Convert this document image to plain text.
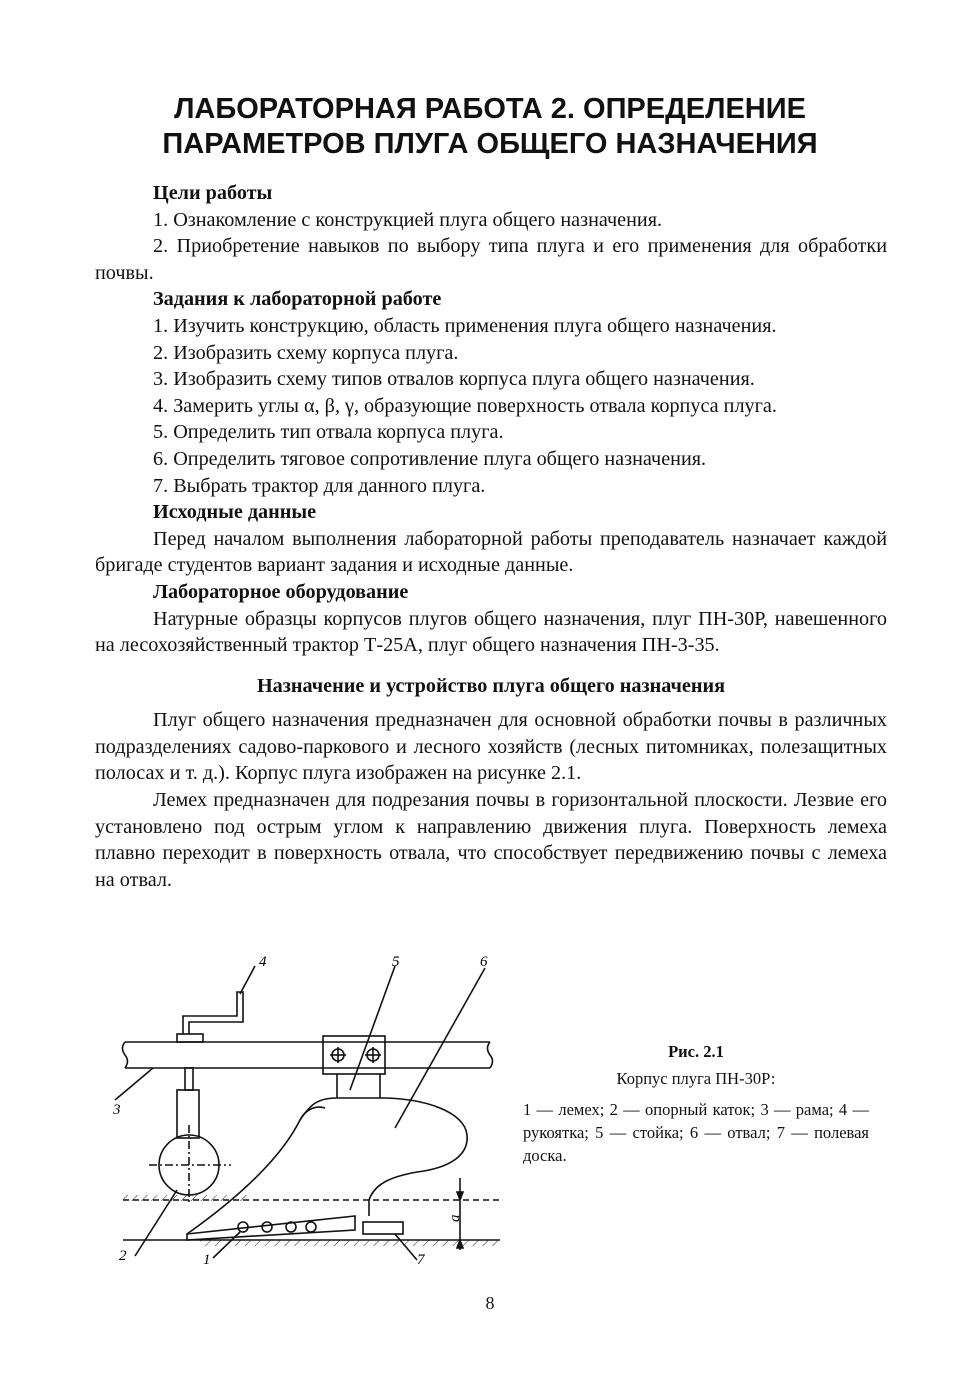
ЛАБОРАТОРНАЯ РАБОТА 2. ОПРЕДЕЛЕНИЕ
ПАРАМЕТРОВ ПЛУГА ОБЩЕГО НАЗНАЧЕНИЯ

Цели работы

1. Ознакомление с конструкцией плуга общего назначения.

2. Приобретение навыков по выбору типа плуга и его применения для обработки почвы.

Задания к лабораторной работе

1. Изучить конструкцию, область применения плуга общего назначения.

2. Изобразить схему корпуса плуга.

3. Изобразить схему типов отвалов корпуса плуга общего назначения.

4. Замерить углы α, β, γ, образующие поверхность отвала корпуса плуга.

5. Определить тип отвала корпуса плуга.

6. Определить тяговое сопротивление плуга общего назначения.

7. Выбрать трактор для данного плуга.

Исходные данные

Перед началом выполнения лабораторной работы преподаватель назначает каждой бригаде студентов вариант задания и исходные данные.

Лабораторное оборудование

Натурные образцы корпусов плугов общего назначения, плуг ПН-30Р, навешенного на лесохозяйственный трактор Т-25А, плуг общего назначения ПН-3-35.

Назначение и устройство плуга общего назначения

Плуг общего назначения предназначен для основной обработки почвы в различных подразделениях садово-паркового и лесного хозяйств (лесных питомниках, полезащитных полосах и т. д.). Корпус плуга изображен на рисунке 2.1.

Лемех предназначен для подрезания почвы в горизонтальной плоскости. Лезвие его установлено под острым углом к направлению движения плуга. Поверхность лемеха плавно переходит в поверхность отвала, что способствует передвижению почвы с лемеха на отвал.

3
4	5	6
2	1	7
a

Рис. 2.1

Корпус плуга ПН-30Р:

1 — лемех; 2 — опорный каток; 3 — рама; 4 — рукоятка; 5 — стойка; 6 — отвал; 7 — полевая доска.

8
